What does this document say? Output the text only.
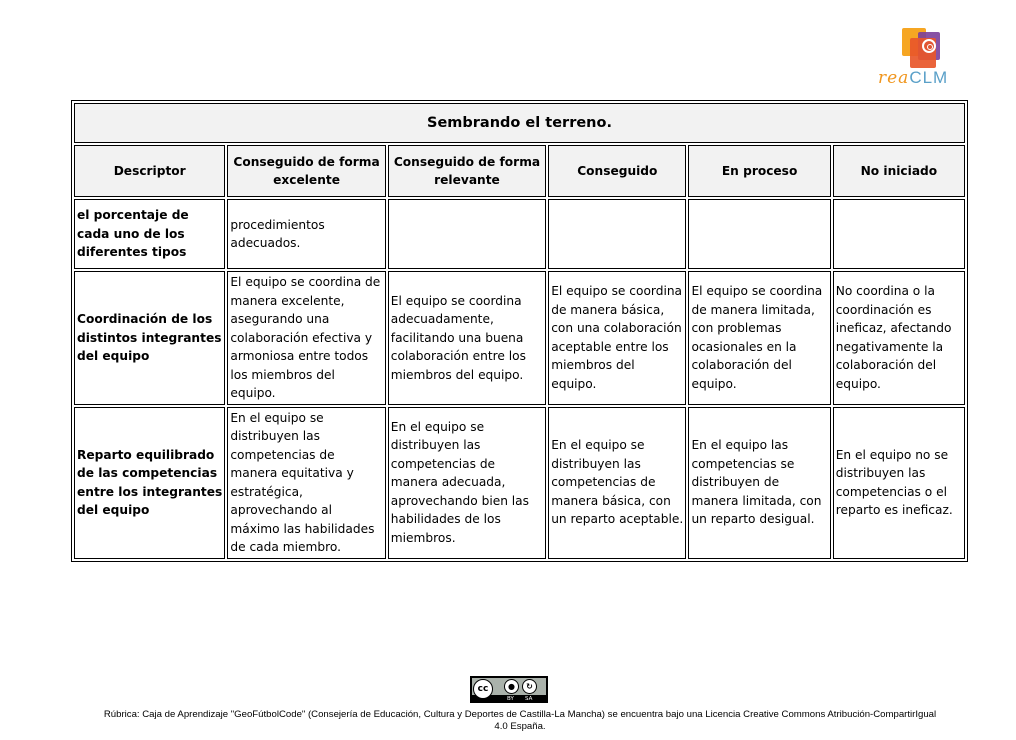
reaCLM
Sembrando el terreno.					
Descriptor	Conseguido de forma excelente	Conseguido de forma relevante	Conseguido	En proceso	No iniciado
el porcentaje de cada uno de los diferentes tipos	procedimientos adecuados.				
Coordinación de los distintos integrantes del equipo	El equipo se coordina de manera excelente, asegurando una colaboración efectiva y armoniosa entre todos los miembros del equipo.	El equipo se coordina adecuadamente, facilitando una buena colaboración entre los miembros del equipo.	El equipo se coordina de manera básica, con una colaboración aceptable entre los miembros del equipo.	El equipo se coordina de manera limitada, con problemas ocasionales en la colaboración del equipo.	No coordina o la coordinación es ineficaz, afectando negativamente la colaboración del equipo.
Reparto equilibrado de las competencias entre los integrantes del equipo	En el equipo se distribuyen las competencias de manera equitativa y estratégica, aprovechando al máximo las habilidades de cada miembro.	En el equipo se distribuyen las competencias de manera adecuada, aprovechando bien las habilidades de los miembros.	En el equipo se distribuyen las competencias de manera básica, con un reparto aceptable.	En el equipo las competencias se distribuyen de manera limitada, con un reparto desigual.	En el equipo no se distribuyen las competencias o el reparto es ineficaz.
cc	●	↻
BY SA
Rúbrica: Caja de Aprendizaje "GeoFútbolCode" (Consejería de Educación, Cultura y Deportes de Castilla-La Mancha) se encuentra bajo una Licencia Creative Commons Atribución-CompartirIgual
4.0 España.
